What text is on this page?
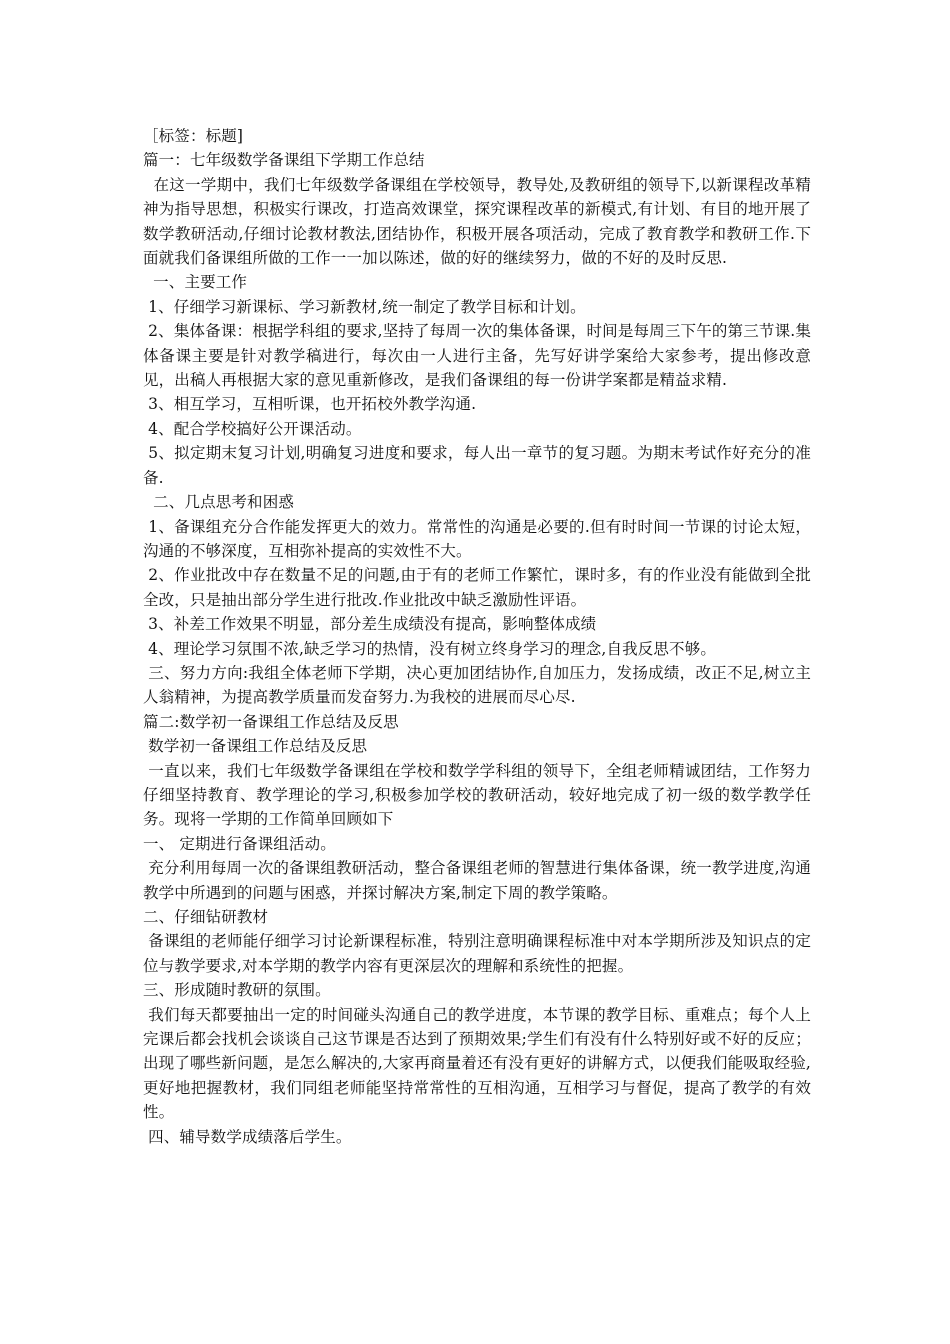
［标签：标题]

篇一：七年级数学备课组下学期工作总结

在这一学期中，我们七年级数学备课组在学校领导，教导处,及教研组的领导下,以新课程改革精神为指导思想，积极实行课改，打造高效课堂，探究课程改革的新模式,有计划、有目的地开展了数学教研活动,仔细讨论教材教法,团结协作，积极开展各项活动，完成了教育教学和教研工作.下面就我们备课组所做的工作一一加以陈述，做的好的继续努力，做的不好的及时反思.

一、主要工作

1、仔细学习新课标、学习新教材,统一制定了教学目标和计划。

2、集体备课：根据学科组的要求,坚持了每周一次的集体备课，时间是每周三下午的第三节课.集体备课主要是针对教学稿进行，每次由一人进行主备，先写好讲学案给大家参考，提出修改意见，出稿人再根据大家的意见重新修改，是我们备课组的每一份讲学案都是精益求精.

3、相互学习，互相听课，也开拓校外教学沟通.

4、配合学校搞好公开课活动。

5、拟定期末复习计划,明确复习进度和要求，每人出一章节的复习题。为期末考试作好充分的准备.

二、几点思考和困惑

1、备课组充分合作能发挥更大的效力。常常性的沟通是必要的.但有时时间一节课的讨论太短，沟通的不够深度，互相弥补提高的实效性不大。

2、作业批改中存在数量不足的问题,由于有的老师工作繁忙，课时多，有的作业没有能做到全批全改，只是抽出部分学生进行批改.作业批改中缺乏激励性评语。

3、补差工作效果不明显，部分差生成绩没有提高，影响整体成绩

4、理论学习氛围不浓,缺乏学习的热情，没有树立终身学习的理念,自我反思不够。

三、努力方向:我组全体老师下学期，决心更加团结协作,自加压力，发扬成绩，改正不足,树立主人翁精神，为提高教学质量而发奋努力.为我校的进展而尽心尽.

篇二:数学初一备课组工作总结及反思

数学初一备课组工作总结及反思

一直以来，我们七年级数学备课组在学校和数学学科组的领导下，全组老师精诚团结，工作努力仔细坚持教育、教学理论的学习,积极参加学校的教研活动，较好地完成了初一级的数学教学任务。现将一学期的工作简单回顾如下

一、 定期进行备课组活动。

充分利用每周一次的备课组教研活动，整合备课组老师的智慧进行集体备课，统一教学进度,沟通教学中所遇到的问题与困惑，并探讨解决方案,制定下周的教学策略。

二、仔细钻研教材

备课组的老师能仔细学习讨论新课程标准，特别注意明确课程标准中对本学期所涉及知识点的定位与教学要求,对本学期的教学内容有更深层次的理解和系统性的把握。

三、形成随时教研的氛围。

我们每天都要抽出一定的时间碰头沟通自己的教学进度，本节课的教学目标、重难点；每个人上完课后都会找机会谈谈自己这节课是否达到了预期效果;学生们有没有什么特别好或不好的反应；出现了哪些新问题，是怎么解决的,大家再商量着还有没有更好的讲解方式，以便我们能吸取经验,更好地把握教材，我们同组老师能坚持常常性的互相沟通，互相学习与督促，提高了教学的有效性。

四、辅导数学成绩落后学生。
